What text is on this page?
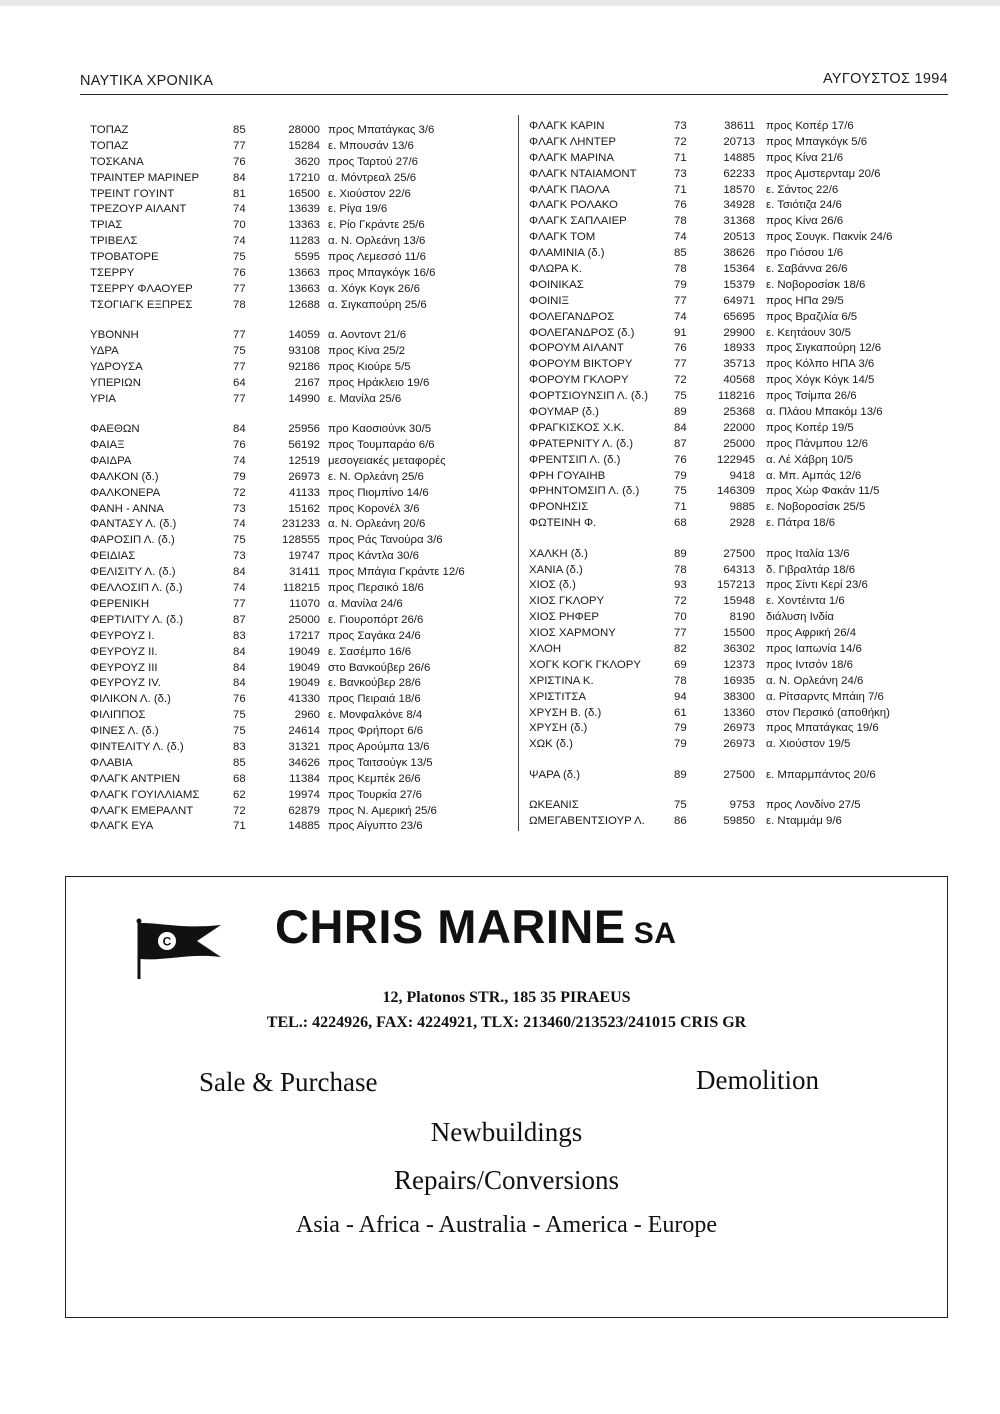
ΝΑΥΤΙΚΑ ΧΡΟΝΙΚΑ	ΑΥΓΟΥΣΤΟΣ 1994
ΤΟΠΑΖ	85	28000 προς Μπατάγκας 3/6
ΤΟΠΑΖ	77	15284 ε. Μπουσάν 13/6
ΤΟΣΚΑΝΑ	76	3620 προς Ταρτού 27/6
ΤΡΑΙΝΤΕΡ ΜΑΡΙΝΕΡ	84	17210 α. Μόντρεαλ 25/6
ΤΡΕΙΝΤ ΓΟΥΙΝΤ	81	16500 ε. Χιούστον 22/6
ΤΡΕΖΟΥΡ ΑΙΛΑΝΤ	74	13639 ε. Ρίγα 19/6
ΤΡΙΑΣ	70	13363 ε. Ρίο Γκράντε 25/6
ΤΡΙΒΕΛΣ	74	11283 α. Ν. Ορλεάνη 13/6
ΤΡΟΒΑΤΟΡΕ	75	5595 προς Λεμεσσό 11/6
ΤΣΕΡΡΥ	76	13663 προς Μπαγκόγκ 16/6
ΤΣΕΡΡΥ ΦΛΑΟΥΕΡ	77	13663 α. Χόγκ Κογκ 26/6
ΤΣΟΓΙΑΓΚ ΕΞΠΡΕΣ	78	12688 α. Σιγκαπούρη 25/6
ΥΒΟΝΝΗ	77	14059 α. Αοντοντ 21/6
ΥΔΡΑ	75	93108 προς Κίνα 25/2
ΥΔΡΟΥΣΑ	77	92186 προς Κιούρε 5/5
ΥΠΕΡΙΩΝ	64	2167 προς Ηράκλειο 19/6
ΥΡΙΑ	77	14990 ε. Μανίλα 25/6
ΦΑΕΘΩΝ	84	25956 προ Καοσιούνκ 30/5
ΦΑΙΑΞ	76	56192 προς Τουμπαράο 6/6
ΦΑΙΔΡΑ	74	12519 μεσογειακές μεταφορές
ΦΑΛΚΟΝ (δ.)	79	26973 ε. Ν. Ορλεάνη 25/6
ΦΑΛΚΟΝΕΡΑ	72	41133 προς Πιομπίνο 14/6
ΦΑΝΗ - ΑΝΝΑ	73	15162 προς Κορονέλ 3/6
ΦΑΝΤΑΣΥ Λ. (δ.)	74	231233 α. Ν. Ορλεάνη 20/6
ΦΑΡΟΣΙΠ Λ. (δ.)	75	128555 προς Ράς Τανούρα 3/6
ΦΕΙΔΙΑΣ	73	19747 προς Κάντλα 30/6
ΦΕΛΙΣΙΤΥ Λ. (δ.)	84	31411 προς Μπάγια Γκράντε 12/6
ΦΕΛΛΟΣΙΠ Λ. (δ.)	74	118215 προς Περσικό 18/6
ΦΕΡΕΝΙΚΗ	77	11070 α. Μανίλα 24/6
ΦΕΡΤΙΛΙΤΥ Λ. (δ.)	87	25000 ε. Γιουροπόρτ 26/6
ΦΕΥΡΟΥΖ Ι.	83	17217 προς Σαγάκα 24/6
ΦΕΥΡΟΥΖ ΙΙ.	84	19049 ε. Σασέμπο 16/6
ΦΕΥΡΟΥΖ ΙΙΙ	84	19049 στο Βανκούβερ 26/6
ΦΕΥΡΟΥΖ ΙV.	84	19049 ε. Βανκούβερ 28/6
ΦΙΛΙΚΟΝ Λ. (δ.)	76	41330 προς Πειραιά 18/6
ΦΙΛΙΠΠΟΣ	75	2960 ε. Μονφαλκόνε 8/4
ΦΙΝΕΣ Λ. (δ.)	75	24614 προς Φρήπορτ 6/6
ΦΙΝΤΕΛΙΤΥ Λ. (δ.)	83	31321 προς Αρούμπα 13/6
ΦΛΑΒΙΑ	85	34626 προς Ταιτσούγκ 13/5
ΦΛΑΓΚ ΑΝΤΡΙΕΝ	68	11384 προς Κεμπέκ 26/6
ΦΛΑΓΚ ΓΟΥΙΛΛΙΑΜΣ	62	19974 προς Τουρκία 27/6
ΦΛΑΓΚ ΕΜΕΡΑΛΝΤ	72	62879 προς Ν. Αμερική 25/6
ΦΛΑΓΚ ΕΥΑ	71	14885 προς Αίγυπτο 23/6
ΦΛΑΓΚ ΚΑΡΙΝ	73	38611 προς Κοπέρ 17/6
ΦΛΑΓΚ ΛΗΝΤΕΡ	72	20713 προς Μπαγκόγκ 5/6
ΦΛΑΓΚ ΜΑΡΙΝΑ	71	14885 προς Κίνα 21/6
ΦΛΑΓΚ ΝΤΑΙΑΜΟΝΤ	73	62233 προς Αμστερνταμ 20/6
ΦΛΑΓΚ ΠΑΟΛΑ	71	18570 ε. Σάντος 22/6
ΦΛΑΓΚ ΡΟΛΑΚΟ	76	34928 ε. Τσιότιζα 24/6
ΦΛΑΓΚ ΣΑΠΛΑΙΕΡ	78	31368 προς Κίνα 26/6
ΦΛΑΓΚ ΤΟΜ	74	20513 προς Σουγκ. Πακνίκ 24/6
ΦΛΑΜΙΝΙΑ (δ.)	85	38626 προ Γιόσου 1/6
ΦΛΩΡΑ Κ.	78	15364 ε. Σαβάννα 26/6
ΦΟΙΝΙΚΑΣ	79	15379 ε. Νοβοροσίσκ 18/6
ΦΟΙΝΙΞ	77	64971 προς ΗΠα 29/5
ΦΟΛΕΓΑΝΔΡΟΣ	74	65695 προς Βραζιλία 6/5
ΦΟΛΕΓΑΝΔΡΟΣ (δ.)	91	29900 ε. Κεητάουν 30/5
ΦΟΡΟΥΜ ΑΙΛΑΝΤ	76	18933 προς Σιγκαπούρη 12/6
ΦΟΡΟΥΜ ΒΙΚΤΟΡΥ	77	35713 προς Κόλπο ΗΠΑ 3/6
ΦΟΡΟΥΜ ΓΚΛΟΡΥ	72	40568 προς Χόγκ Κόγκ 14/5
ΦΟΡΤΣΙΟΥΝΣΙΠ Λ. (δ.) 75	118216 προς Τσίμπα 26/6
ΦΟΥΜΑΡ (δ.)	89	25368 α. Πλάου Μπακόμ 13/6
ΦΡΑΓΚΙΣΚΟΣ Χ.Κ.	84	22000 προς Κοπέρ 19/5
ΦΡΑΤΕΡΝΙΤΥ Λ. (δ.)	87	25000 προς Πάνμπου 12/6
ΦΡΕΝΤΣΙΠ Λ. (δ.)	76	122945 α. Λέ Χάβρη 10/5
ΦΡΗ ΓΟΥΑΙΗΒ	79	9418 α. Μπ. Αμπάς 12/6
ΦΡΗΝΤΟΜΣΙΠ Λ. (δ.)	75	146309 προς Χώρ Φακάν 11/5
ΦΡΟΝΗΣΙΣ	71	9885 ε. Νοβοροσίσκ 25/5
ΦΩΤΕΙΝΗ Φ.	68	2928 ε. Πάτρα 18/6
ΧΑΛΚΗ (δ.)	89	27500 προς Ιταλία 13/6
ΧΑΝΙΑ (δ.)	78	64313 δ. Γιβραλτάρ 18/6
ΧΙΟΣ (δ.)	93	157213 προς Σίντι Κερί 23/6
ΧΙΟΣ ΓΚΛΟΡΥ	72	15948 ε. Χοντέιντα 1/6
ΧΙΟΣ ΡΗΦΕΡ	70	8190 διάλυση Ινδία
ΧΙΟΣ ΧΑΡΜΟΝΥ	77	15500 προς Αφρική 26/4
ΧΛΟΗ	82	36302 προς Ιαπωνία 14/6
ΧΟΓΚ ΚΟΓΚ ΓΚΛΟΡΥ	69	12373 προς Ιντσόν 18/6
ΧΡΙΣΤΙΝΑ Κ.	78	16935 α. Ν. Ορλεάνη 24/6
ΧΡΙΣΤΙΤΣΑ	94	38300 α. Ρίτσαρντς Μπάιη 7/6
ΧΡΥΣΗ Β. (δ.)	61	13360 στον Περσικό (αποθήκη)
ΧΡΥΣΗ (δ.)	79	26973 προς Μπατάγκας 19/6
ΧΩΚ (δ.)	79	26973 α. Χιούστον 19/5
ΨΑΡΑ (δ.)	89	27500 ε. Μπαρμπάντος 20/6
ΩΚΕΑΝΙΣ	75	9753 προς Λονδίνο 27/5
ΩΜΕΓΑΒΕΝΤΣΙΟΥΡ Λ.	86	59850 ε. Νταμμάμ 9/6
C CHRIS MARINE SA
12, Platonos STR., 185 35 PIRAEUS
TEL.: 4224926, FAX: 4224921, TLX: 213460/213523/241015 CRIS GR
Sale & Purchase	Demolition
Newbuildings
Repairs/Conversions
Asia - Africa - Australia - America - Europe
